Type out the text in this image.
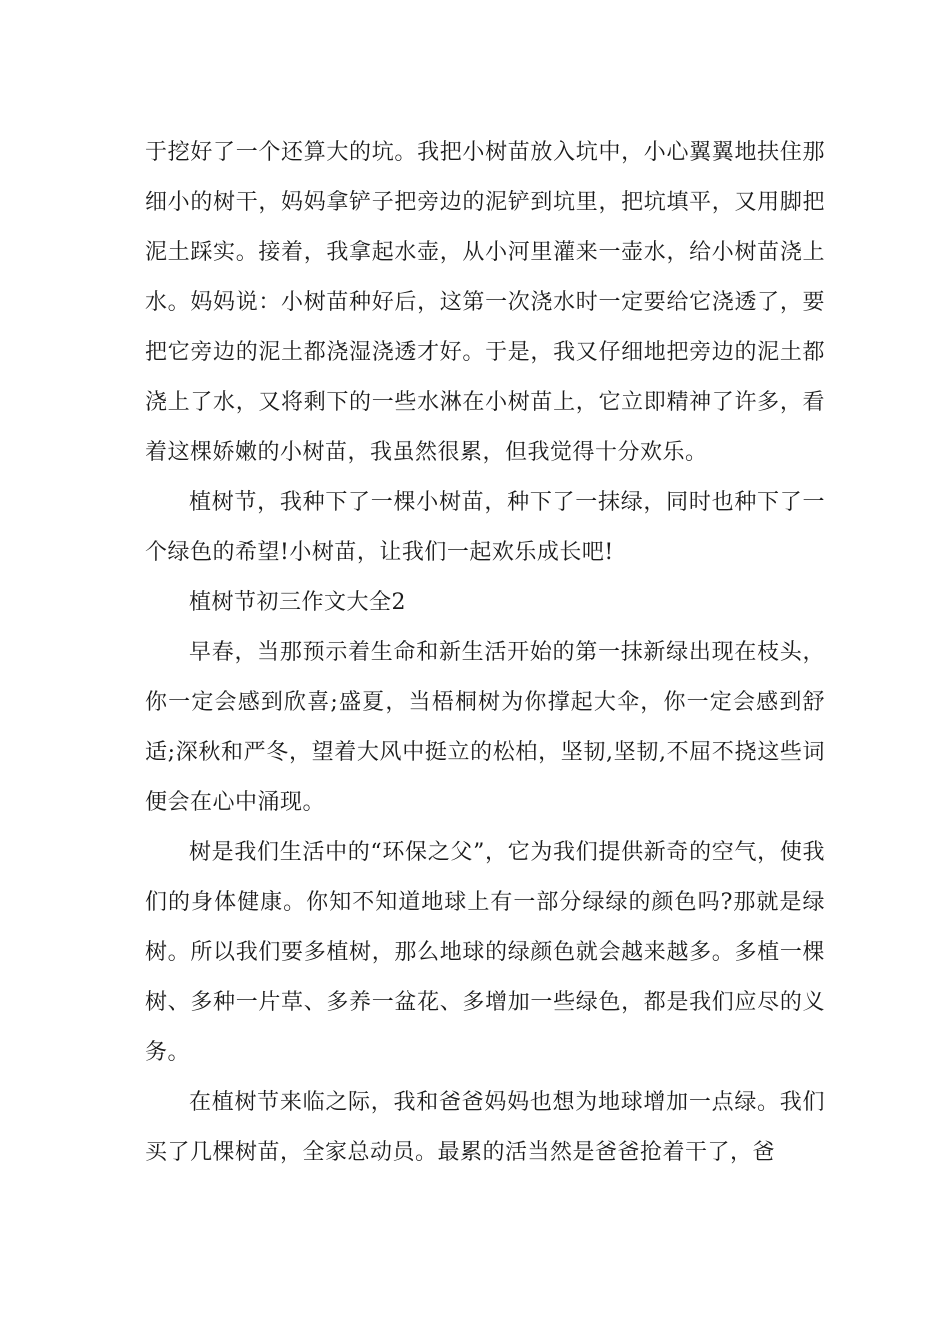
于挖好了一个还算大的坑。我把小树苗放入坑中，小心翼翼地扶住那细小的树干，妈妈拿铲子把旁边的泥铲到坑里，把坑填平，又用脚把泥土踩实。接着，我拿起水壶，从小河里灌来一壶水，给小树苗浇上水。妈妈说：小树苗种好后，这第一次浇水时一定要给它浇透了，要把它旁边的泥土都浇湿浇透才好。于是，我又仔细地把旁边的泥土都浇上了水，又将剩下的一些水淋在小树苗上，它立即精神了许多，看着这棵娇嫩的小树苗，我虽然很累，但我觉得十分欢乐。

植树节，我种下了一棵小树苗，种下了一抹绿，同时也种下了一个绿色的希望!小树苗，让我们一起欢乐成长吧!

植树节初三作文大全2

早春，当那预示着生命和新生活开始的第一抹新绿出现在枝头，你一定会感到欣喜;盛夏，当梧桐树为你撑起大伞，你一定会感到舒适;深秋和严冬，望着大风中挺立的松柏，坚韧,坚韧,不屈不挠这些词便会在心中涌现。

树是我们生活中的“环保之父”，它为我们提供新奇的空气，使我们的身体健康。你知不知道地球上有一部分绿绿的颜色吗?那就是绿树。所以我们要多植树，那么地球的绿颜色就会越来越多。多植一棵树、多种一片草、多养一盆花、多增加一些绿色，都是我们应尽的义务。

在植树节来临之际，我和爸爸妈妈也想为地球增加一点绿。我们买了几棵树苗，全家总动员。最累的活当然是爸爸抢着干了，爸
